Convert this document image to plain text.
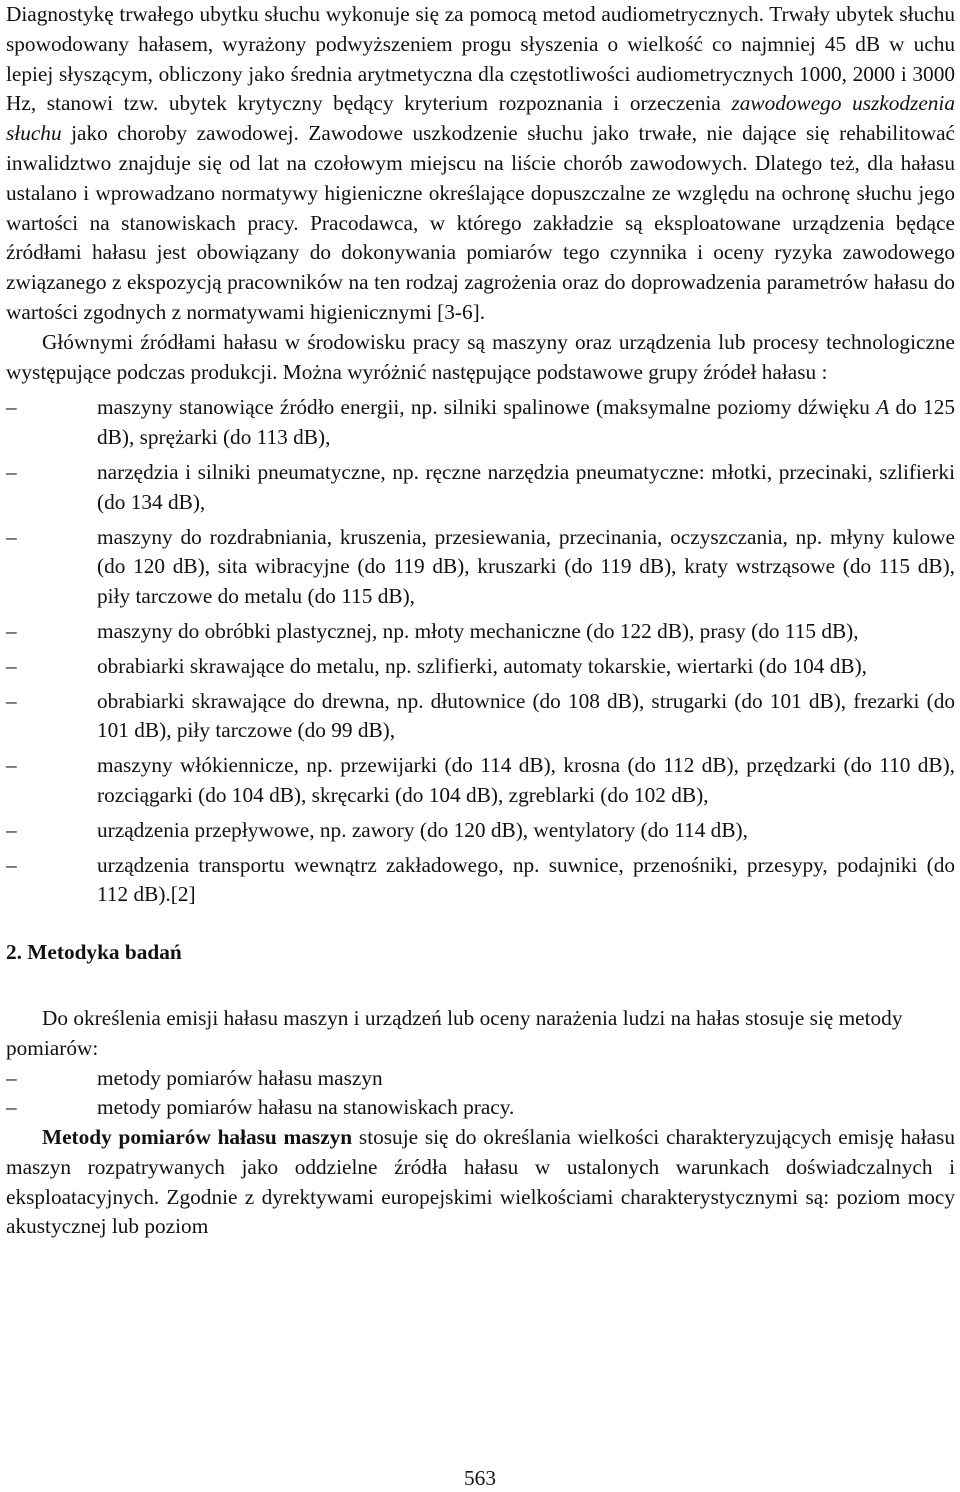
Diagnostykę trwałego ubytku słuchu wykonuje się za pomocą metod audiometrycznych. Trwały ubytek słuchu spowodowany hałasem, wyrażony podwyższeniem progu słyszenia o wielkość co najmniej 45 dB w uchu lepiej słyszącym, obliczony jako średnia arytmetyczna dla częstotliwości audiometrycznych 1000, 2000 i 3000 Hz, stanowi tzw. ubytek krytyczny będący kryterium rozpoznania i orzeczenia zawodowego uszkodzenia słuchu jako choroby zawodowej. Zawodowe uszkodzenie słuchu jako trwałe, nie dające się rehabilitować inwalidztwo znajduje się od lat na czołowym miejscu na liście chorób zawodowych. Dlatego też, dla hałasu ustalano i wprowadzano normatywy higieniczne określające dopuszczalne ze względu na ochronę słuchu jego wartości na stanowiskach pracy. Pracodawca, w którego zakładzie są eksploatowane urządzenia będące źródłami hałasu jest obowiązany do dokonywania pomiarów tego czynnika i oceny ryzyka zawodowego związanego z ekspozycją pracowników na ten rodzaj zagrożenia oraz do doprowadzenia parametrów hałasu do wartości zgodnych z normatywami higienicznymi [3-6].

Głównymi źródłami hałasu w środowisku pracy są maszyny oraz urządzenia lub procesy technologiczne występujące podczas produkcji. Można wyróżnić następujące podstawowe grupy źródeł hałasu :

–	maszyny stanowiące źródło energii, np. silniki spalinowe (maksymalne poziomy dźwięku A do 125 dB), sprężarki (do 113 dB),
–	narzędzia i silniki pneumatyczne, np. ręczne narzędzia pneumatyczne: młotki, przecinaki, szlifierki (do 134 dB),
–	maszyny do rozdrabniania, kruszenia, przesiewania, przecinania, oczyszczania, np. młyny kulowe (do 120 dB), sita wibracyjne (do 119 dB), kruszarki (do 119 dB), kraty wstrząsowe (do 115 dB), piły tarczowe do metalu (do 115 dB),
–	maszyny do obróbki plastycznej, np. młoty mechaniczne (do 122 dB), prasy (do 115 dB),
–	obrabiarki skrawające do metalu, np. szlifierki, automaty tokarskie, wiertarki (do 104 dB),
–	obrabiarki skrawające do drewna, np. dłutownice (do 108 dB), strugarki (do 101 dB), frezarki (do 101 dB), piły tarczowe (do 99 dB),
–	maszyny włókiennicze, np. przewijarki (do 114 dB), krosna (do 112 dB), przędzarki (do 110 dB), rozciągarki (do 104 dB), skręcarki (do 104 dB), zgreblarki (do 102 dB),
–	urządzenia przepływowe, np. zawory (do 120 dB), wentylatory (do 114 dB),
–	urządzenia transportu wewnątrz zakładowego, np. suwnice, przenośniki, przesypy, podajniki (do 112 dB).[2]
2. Metodyka badań

Do określenia emisji hałasu maszyn i urządzeń lub oceny narażenia ludzi na hałas stosuje się metody pomiarów:

–	metody pomiarów hałasu maszyn
–	metody pomiarów hałasu na stanowiskach pracy.

Metody pomiarów hałasu maszyn stosuje się do określania wielkości charakteryzujących emisję hałasu maszyn rozpatrywanych jako oddzielne źródła hałasu w ustalonych warunkach doświadczalnych i eksploatacyjnych. Zgodnie z dyrektywami europejskimi wielkościami charakterystycznymi są: poziom mocy akustycznej lub poziom

563
